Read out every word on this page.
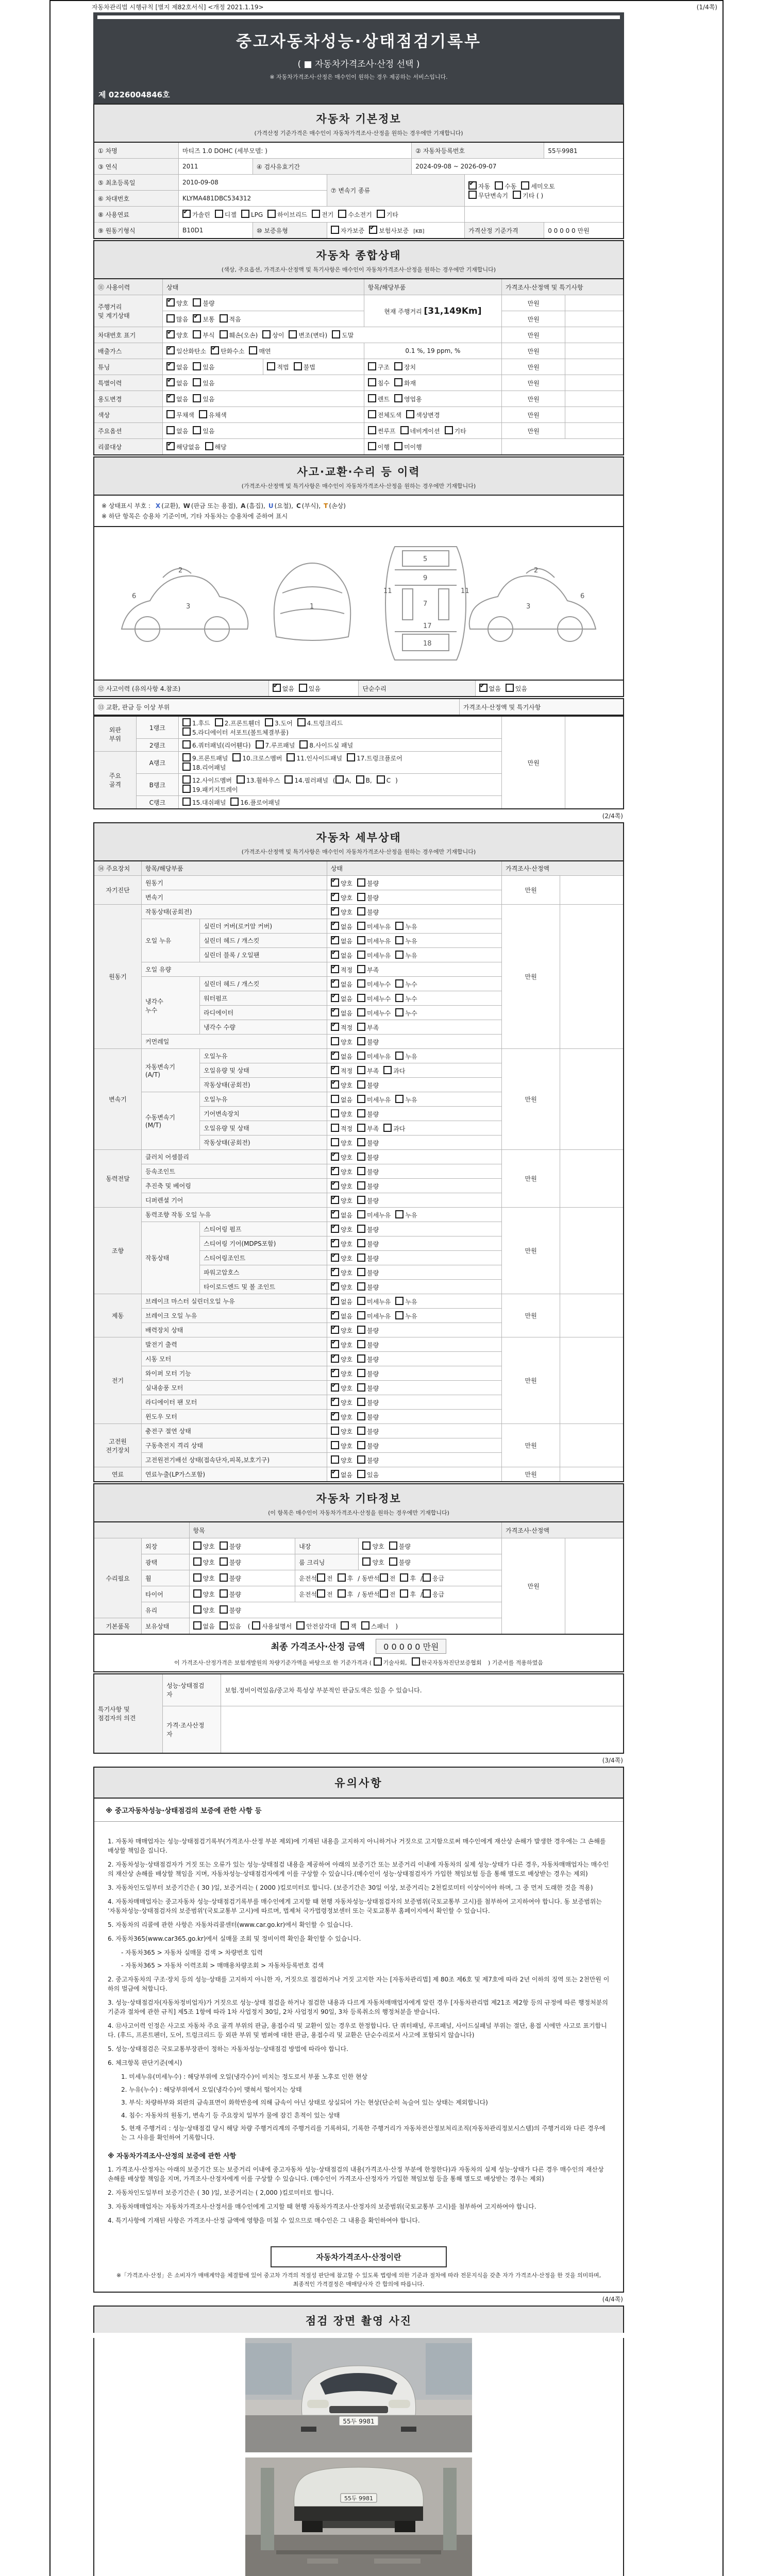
자동차관리법 시행규칙 [별지 제82호서식] <개정 2021.1.19>	(1/4쪽)
중고자동차성능·상태점검기록부
( ■ 자동차가격조사·산정 선택 )
※ 자동차가격조사·산정은 매수인이 원하는 경우 제공하는 서비스입니다.
제 0226004846호
자동차 기본정보
(가격산정 기준가격은 매수인이 자동차가격조사·산정을 원하는 경우에만 기재합니다)
① 차명	마티즈 1.0 DOHC (세부모델: )			② 자동차등록번호		55두9981
③ 연식	2011	④ 검사유효기간		2024-09-08 ~ 2026-09-07		
⑤ 최초등록일	2010-09-08		⑦ 변속기 종류	✔자동 수동 세미오토
무단변속기 기타 ( )
⑥ 차대번호	KLYMA481DBC534312					
⑧ 사용연료	✔가솔린 디젤 LPG 하이브리드 전기 수소전기 기타	
⑨ 원동기형식	B10D1	⑩ 보증유형	자가보증 ✔ 보험사보증 [KB]		가격산정 기준가격	0 0 0 0 0 만원
자동차 종합상태
(색상, 주요옵션, 가격조사·산정액 및 특기사항은 매수인이 자동차가격조사·산정을 원하는 경우에만 기재합니다)
⑪ 사용이력	상태		항목/해당부품	가격조사·산정액 및 특기사항	
주행거리
및 계기상태	✔양호 불량		현재 주행거리 [31,149Km]	만원	
	많음 ✔ 보통 적음			만원	
차대번호 표기	✔양호 부식 훼손(오손) 상이 변조(변타) 도말			만원	
배출가스	✔일산화탄소 ✔ 탄화수소 매연		0.1 %, 19 ppm, %	만원	
튜닝	✔없음 있음	적법 불법	구조 장치	만원	
특별이력	✔없음 있음		침수 화재	만원	
용도변경	✔없음 있음		렌트 영업용	만원	
색상	무채색 유채색		전체도색 색상변경	만원	
주요옵션	없음 있음		썬루프 네비게이션 기타	만원	
리콜대상	✔해당없음 해당		이행 미이행		
사고·교환·수리 등 이력
(가격조사·산정액 및 특기사항은 매수인이 자동차가격조사·산정을 원하는 경우에만 기재합니다)
※ 상태표시 부호 : X (교환), W (판금 또는 용접), A (흠집), U (요철), C (부식), T (손상)
※ 하단 항목은 승용차 기준이며, 기타 자동차는 승용차에 준하여 표시
2
3
6
1
5
9
7
11	11
17
18
2
3
6
⑫ 사고이력 (유의사항 4.참조)	✔없음 있음	단순수리	✔없음 있음
⑬ 교환, 판금 등 이상 부위	가격조사·산정액 및 특기사항
외판
부위	1랭크	1.후드 2.프론트휀더 3.도어 4.트렁크리드
5.라디에이터 서포트(볼트체결부품)	만원	
	2랭크	6.쿼터패널(리어휀다) 7.루프패널 8.사이드실 패널		
주요
골격	A랭크	9.프론트패널 10.크로스멤버 11.인사이드패널 17.트렁크플로어
18.리어패널		
	B랭크	12.사이드멤버 13.휠하우스 14.필러패널 ( A, B, C )
19.패키지트레이		
	C랭크	15.대쉬패널 16.플로어패널		
(2/4쪽)
자동차 세부상태
(가격조사·산정액 및 특기사항은 매수인이 자동차가격조사·산정을 원하는 경우에만 기재합니다)
⑭ 주요장치	항목/해당부품		상태	가격조사·산정액	
자기진단	원동기	✔양호 불량	만원	
	변속기	✔양호 불량
원동기	작동상태(공회전)	✔양호 불량	만원	
	오일 누유	실린더 커버(로커암 커버)	✔없음 미세누유 누유
		실린더 헤드 / 개스킷	✔없음 미세누유 누유
		실린더 블록 / 오일팬	✔없음 미세누유 누유
	오일 유량	✔적정 부족
	냉각수
누수	실린더 헤드 / 개스킷	✔없음 미세누수 누수
		워터펌프	✔없음 미세누수 누수
		라디에이터	✔없음 미세누수 누수
		냉각수 수량	✔적정 부족
	커먼레일		양호 불량		
변속기	자동변속기
(A/T)	오일누유	✔없음 미세누유 누유	만원	
		오일유량 및 상태	✔적정 부족 과다
		작동상태(공회전)	✔양호 불량
	수동변속기
(M/T)	오일누유	없음 미세누유 누유		
		기어변속장치	양호 불량		
		오일유량 및 상태	적정 부족 과다		
		작동상태(공회전)	양호 불량		
동력전달	클러치 어셈블리	✔양호 불량	만원	
	등속조인트	✔양호 불량
	추진축 및 베어링	✔양호 불량
	디퍼렌셜 기어	✔양호 불량
조향	동력조향 작동 오일 누유	✔없음 미세누유 누유	만원	
	작동상태	스티어링 펌프	✔양호 불량
		스티어링 기어(MDPS포함)	✔양호 불량
		스티어링조인트	✔양호 불량
		파워고압호스	✔양호 불량
		타이로드엔드 및 볼 조인트	✔양호 불량
제동	브레이크 마스터 실린더오일 누유	✔없음 미세누유 누유	만원	
	브레이크 오일 누유	✔없음 미세누유 누유
	배력장치 상태	✔양호 불량
전기	발전기 출력	✔양호 불량	만원	
	시동 모터	✔양호 불량
	와이퍼 모터 기능	✔양호 불량
	실내송풍 모터	✔양호 불량
	라디에이터 팬 모터	✔양호 불량
	윈도우 모터	✔양호 불량
고전원
전기장치	충전구 절연 상태		양호 불량	만원	
	구동축전지 격리 상태		양호 불량		
	고전원전기배선 상태(접속단자,피복,보호기구)		양호 불량		
연료	연료누출(LP가스포함)	✔없음 있음	만원	
자동차 기타정보
(이 항목은 매수인이 자동차가격조사·산정을 원하는 경우에만 기재합니다)
		항목			가격조사·산정액	
수리필요	외장	양호 불량	내장	양호 불량	만원	
	광택	양호 불량	룸 크리닝	양호 불량		
	휠	양호 불량	운전석 전 후 / 동반석 전 후 / 응급			
	타이어	양호 불량	운전석 전 후 / 동반석 전 후 / 응급			
	유리	양호 불량				
기본품목	보유상태	없음 있음 ( 사용설명서 안전삼각대 잭 스패너 )				
최종 가격조사·산정 금액 0 0 0 0 0 만원
이 가격조사·산정가격은 보험개발원의 차량기준가액을 바탕으로 한 기준가격과 ( 기술사회,	한국자동차진단보증협회 ) 기준서를 적용하였음
특기사항 및
점검자의 의견	성능·상태점검
자	보험.정비이력있음/중고차 특성상 부분적인 판금도색은 있을 수 있습니다.
	가격·조사산정
자	
(3/4쪽)
유의사항
※ 중고자동차성능·상태점검의 보증에 관한 사항 등
1. 자동차 매매업자는 성능·상태점검기록부(가격조사·산정 부분 제외)에 기재된 내용을 고지하지 아니하거나 거짓으로 고지함으로써 매수인에게 재산상 손해가 발생한 경우에는 그 손해를 배상할 책임을 집니다.
2. 자동차성능·상태점검자가 거짓 또는 오류가 있는 성능·상태점검 내용을 제공하여 아래의 보증기간 또는 보증거리 이내에 자동차의 실제 성능·상태가 다른 경우, 자동차매매업자는 매수인의 재산상 손해를 배상할 책임을 지며, 자동차성능·상태점검자에게 이를 구상할 수 있습니다.(매수인이 성능·상태점검자가 가입한 책임보험 등을 통해 별도로 배상받는 경우는 제외)
3. 자동차인도일부터 보증기간은 ( 30 )일, 보증거리는 ( 2000 )킬로미터로 합니다. (보증기간은 30일 이상, 보증거리는 2천킬로미터 이상이어야 하며, 그 중 먼저 도래한 것을 적용)
4. 자동차매매업자는 중고자동차 성능·상태점검기록부를 매수인에게 고지할 때 현행 자동차성능·상태점검자의 보증범위(국토교통부 고시)를 첨부하여 고지하여야 합니다. 동 보증범위는 '자동차성능·상태점검자의 보증범위'(국토교통부 고시)에 따르며, 법제처 국가법령정보센터 또는 국토교통부 홈페이지에서 확인할 수 있습니다.
5. 자동차의 리콜에 관한 사항은 자동차리콜센터(www.car.go.kr)에서 확인할 수 있습니다.
6. 자동차365(www.car365.go.kr)에서 실매물 조회 및 정비이력 확인을 확인할 수 있습니다.
- 자동차365 > 자동차 실매물 검색 > 차량번호 입력
- 자동차365 > 자동차 이력조회 > 매매용차량조회 > 자동차등록번호 검색
2. 중고자동차의 구조·장치 등의 성능·상태를 고지하지 아니한 자, 거짓으로 점검하거나 거짓 고지한 자는 [자동차관리법] 제 80조 제6호 및 제7호에 따라 2년 이하의 징역 또는 2천만원 이하의 벌금에 처합니다.
3. 성능·상태점검자(자동차정비업자)가 거짓으로 성능·상태 점검을 하거나 점검한 내용과 다르게 자동차매매업자에게 알린 경우 [자동차관리법 제21조 제2항 등의 규정에 따른 행정처분의 기준과 절차에 관한 규칙] 제5조 1항에 따라 1차 사업정지 30일, 2차 사업정지 90일, 3차 등록취소의 행정처분을 받습니다.
4. ⑫사고이력 인정은 사고로 자동차 주요 골격 부위의 판금, 용접수리 및 교환이 있는 경우로 한정합니다. 단 쿼터패널, 루프패널, 사이드실패널 부위는 절단, 용접 시에만 사고로 표기합니다. (후드, 프론트펜더, 도어, 트렁크리드 등 외판 부위 및 범퍼에 대한 판금, 용접수리 및 교환은 단순수리로서 사고에 포함되지 않습니다)
5. 성능·상태점검은 국토교통부장관이 정하는 자동차성능·상태점검 방법에 따라야 합니다.
6. 체크항목 판단기준(예시)
1. 미세누유(미세누수) : 해당부위에 오일(냉각수)이 비치는 정도로서 부품 노후로 인한 현상
2. 누유(누수) : 해당부위에서 오일(냉각수)이 맺혀서 떨어지는 상태
3. 부식: 차량하부와 외판의 금속표면이 화학반응에 의해 금속이 아닌 상태로 상실되어 가는 현상(단순히 녹슬어 있는 상태는 제외합니다)
4. 침수: 자동차의 원동기, 변속기 등 주요장치 일부가 물에 잠긴 흔적이 있는 상태
5. 현재 주행거리 : 성능·상태점검 당시 해당 차량 주행거리계의 주행거리를 기록하되, 기록한 주행거리가 자동차전산정보처리조직(자동차관리정보시스템)의 주행거리와 다른 경우에는 그 사유를 확인하여 기록합니다.
※ 자동차가격조사·산정의 보증에 관한 사항
1. 가격조사·산정자는 아래의 보증기간 또는 보증거리 이내에 중고자동차 성능·상태점검의 내용(가격조사·산정 부분에 한정한다)과 자동차의 실제 성능·상태가 다른 경우 매수인의 재산상 손해를 배상할 책임을 지며, 가격조사·산정자에게 이를 구상할 수 있습니다. (매수인이 가격조사·산정자가 가입한 책임보험 등을 통해 별도로 배상받는 경우는 제외)
2. 자동차인도일부터 보증기간은 ( 30 )일, 보증거리는 ( 2,000 )킬로미터로 합니다.
3. 자동차매매업자는 자동차가격조사·산정서를 매수인에게 고지할 때 현행 자동차가격조사·산정자의 보증범위(국토교통부 고시)를 첨부하여 고지하여야 합니다.
4. 특기사항에 기재된 사항은 가격조사·산정 금액에 영향을 미칠 수 있으므로 매수인은 그 내용을 확인하여야 합니다.
자동차가격조사·산정이란
※「가격조사·산정」은 소비자가 매매계약을 체결함에 있어 중고차 가격의 적절성 판단에 참고할 수 있도록 법령에 의한 기준과 절차에 따라 전문지식을 갖춘 자가 가격조사·산정을 한 것을 의미하며, 최종적인 가격결정은 매매당사자 간 합의에 따릅니다.
(4/4쪽)
점검 장면 촬영 사진
55두 9981
55두 9981
